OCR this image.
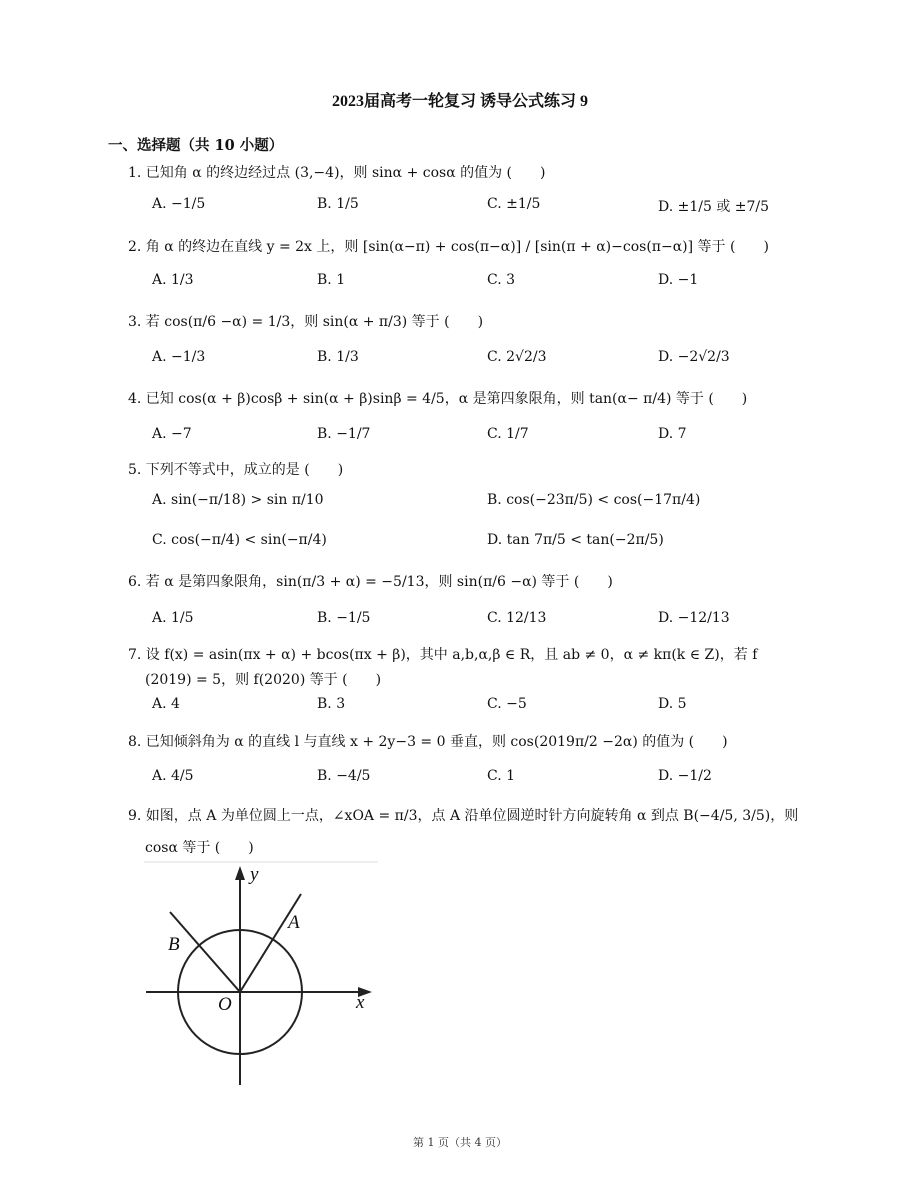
2023届高考一轮复习 诱导公式练习 9
一、选择题（共 10 小题）
1. 已知角 α 的终边经过点 (3,−4)，则 sinα + cosα 的值为 (　　)
A. −1/5	B. 1/5	C. ±1/5	D. ±1/5 或 ±7/5
2. 角 α 的终边在直线 y = 2x 上，则 [sin(α−π) + cos(π−α)] / [sin(π + α)−cos(π−α)] 等于 (　　)
A. 1/3	B. 1	C. 3	D. −1
3. 若 cos(π/6 −α) = 1/3，则 sin(α + π/3) 等于 (　　)
A. −1/3	B. 1/3	C. 2√2/3	D. −2√2/3
4. 已知 cos(α + β)cosβ + sin(α + β)sinβ = 4/5，α 是第四象限角，则 tan(α− π/4) 等于 (　　)
A. −7	B. −1/7	C. 1/7	D. 7
5. 下列不等式中，成立的是 (　　)
A. sin(−π/18) > sin π/10	B. cos(−23π/5) < cos(−17π/4)
C. cos(−π/4) < sin(−π/4)	D. tan 7π/5 < tan(−2π/5)
6. 若 α 是第四象限角，sin(π/3 + α) = −5/13，则 sin(π/6 −α) 等于 (　　)
A. 1/5	B. −1/5	C. 12/13	D. −12/13
7. 设 f(x) = asin(πx + α) + bcos(πx + β)，其中 a,b,α,β ∈ R，且 ab ≠ 0，α ≠ kπ(k ∈ Z)，若 f
(2019) = 5，则 f(2020) 等于 (　　)
A. 4	B. 3	C. −5	D. 5
8. 已知倾斜角为 α 的直线 l 与直线 x + 2y−3 = 0 垂直，则 cos(2019π/2 −2α) 的值为 (　　)
A. 4/5	B. −4/5	C. 1	D. −1/2
9. 如图，点 A 为单位圆上一点，∠xOA = π/3，点 A 沿单位圆逆时针方向旋转角 α 到点 B(−4/5, 3/5)，则
cosα 等于 (　　)
y
x
O
A
B
第 1 页（共 4 页）
